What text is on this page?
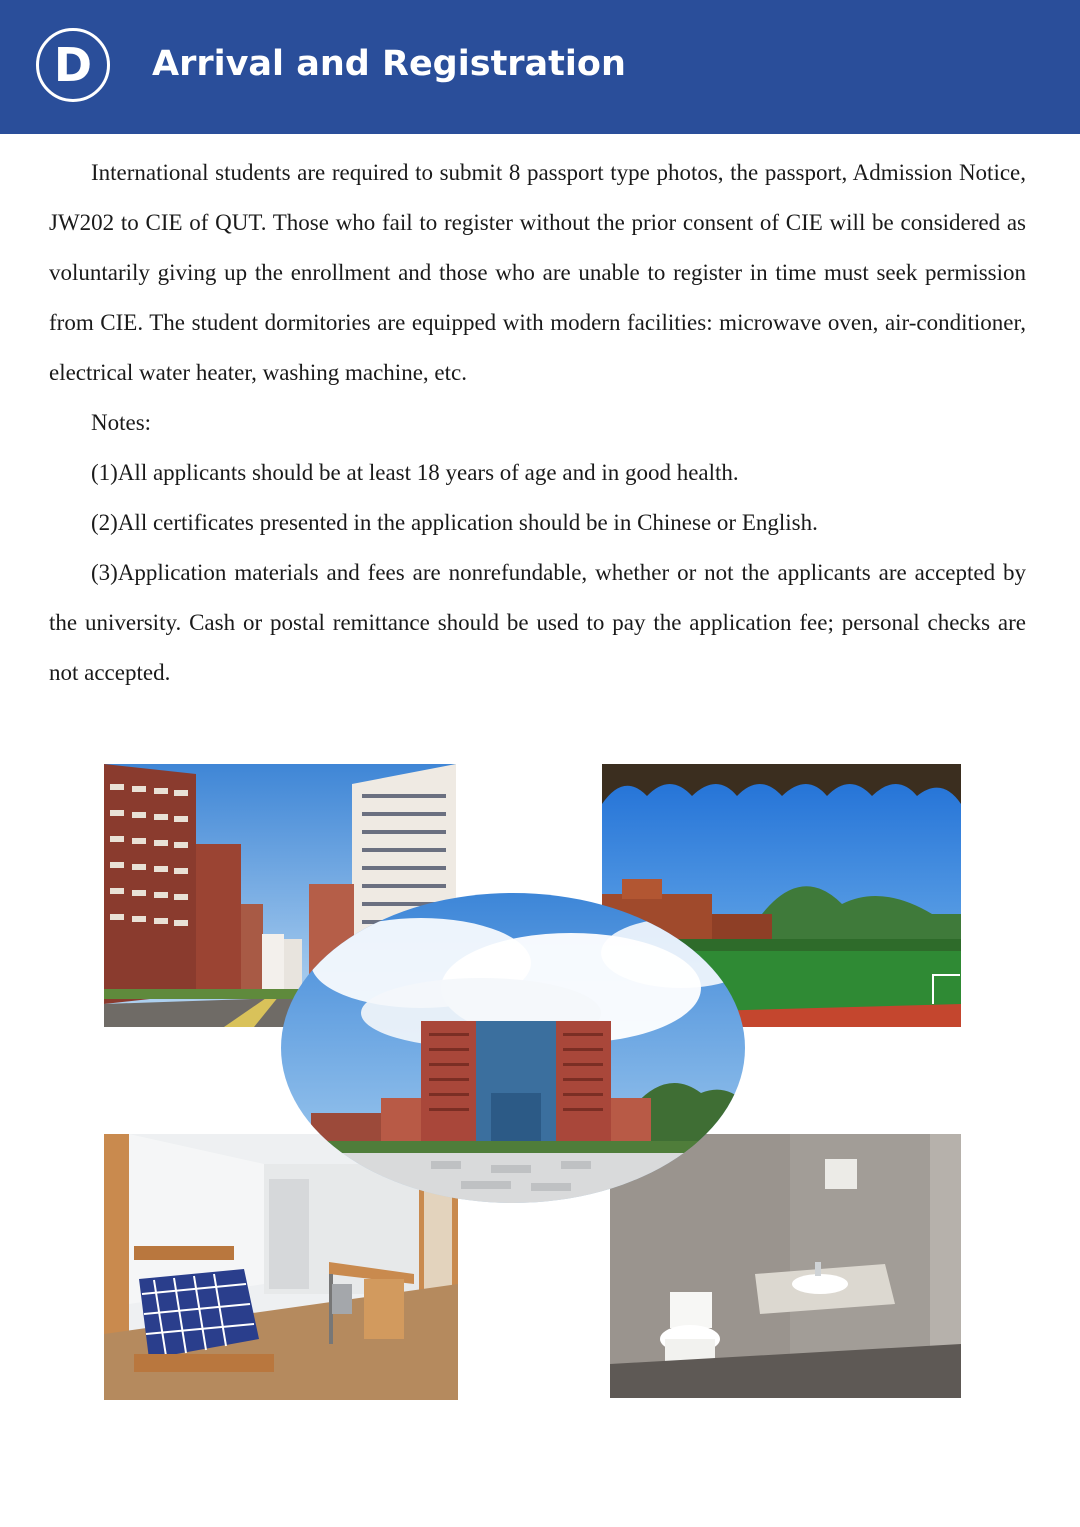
D	Arrival and Registration

International students are required to submit 8 passport type photos, the passport, Admission Notice, JW202 to CIE of QUT. Those who fail to register without the prior consent of CIE will be considered as voluntarily giving up the enrollment and those who are unable to register in time must seek permission from CIE. The student dormitories are equipped with modern facilities: microwave oven, air-conditioner, electrical water heater, washing machine, etc.

Notes:

(1)All applicants should be at least 18 years of age and in good health.

(2)All certificates presented in the application should be in Chinese or English.

(3)Application materials and fees are nonrefundable, whether or not the applicants are accepted by the university. Cash or postal remittance should be used to pay the application fee; personal checks are not accepted.
